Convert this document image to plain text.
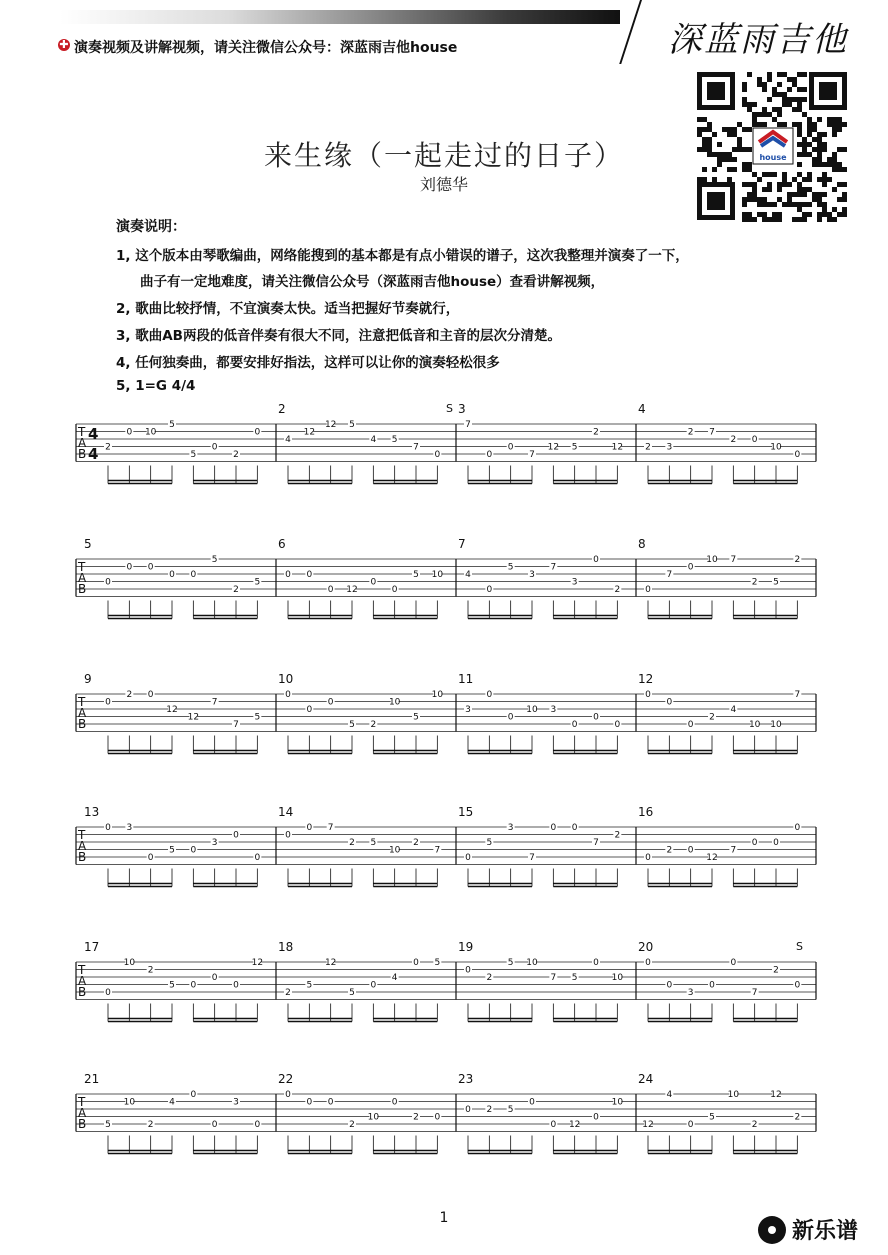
✚ 演奏视频及讲解视频，请关注微信公众号：深蓝雨吉他house	深蓝雨吉他
house
来生缘（一起走过的日子）
刘德华
演奏说明：
1, 这个版本由琴歌编曲，网络能搜到的基本都是有点小错误的谱子，这次我整理并演奏了一下，
曲子有一定地难度，请关注微信公众号（深蓝雨吉他house）查看讲解视频，
2, 歌曲比较抒情，不宜演奏太快。适当把握好节奏就行，
3, 歌曲AB两段的低音伴奏有很大不同，注意把低音和主音的层次分清楚。
4, 任何独奏曲，都要安排好指法，这样可以让你的演奏轻松很多
5, 1=G 4/4
T
A
B
4
4 2
0 10
5
5
0
2
0
2
4
12
12 5
4 5
7
0
3
7
0
0
7
12 5
2
12
4
2 3
2 7
2 0
10
0
S
T
A
B
5
0
0 0
0 0
5
2
5
6
0 0
0 12
0
0
5 10
7
4
0
5
3
7
3
0
2
8
0
7
0
10 7
2 5
2
T
A
B
9
0
2 0
12
12
7
7
5
10
0
0
0
5 2
10
5
10
11
3
0
0
10 3
0
0
0
12
0
0
0
2
4
10 10
7
T
A
B
13
0 3
0
5 0
3
0
0
14
0
0 7
2 5
10
2
7
15
0
5
3
7
0 0
7
2
16
0
2 0
12
7
0 0
0
T
A
B
17
0
10
2
5 0
0
0
12
18
2
5
12
5
0
4
0 5
19
0
2
5 10
7 5
0
10
20
0
0
3
0
0
7
2
0
S
T
A
B
21
5
10
2
4
0
0
3
0
22
0
0 0
2
10
0
2 0
23
0 2 5
0
0 12
0
10
24
12
4
0
5
10
2
12
2
1
新乐谱
